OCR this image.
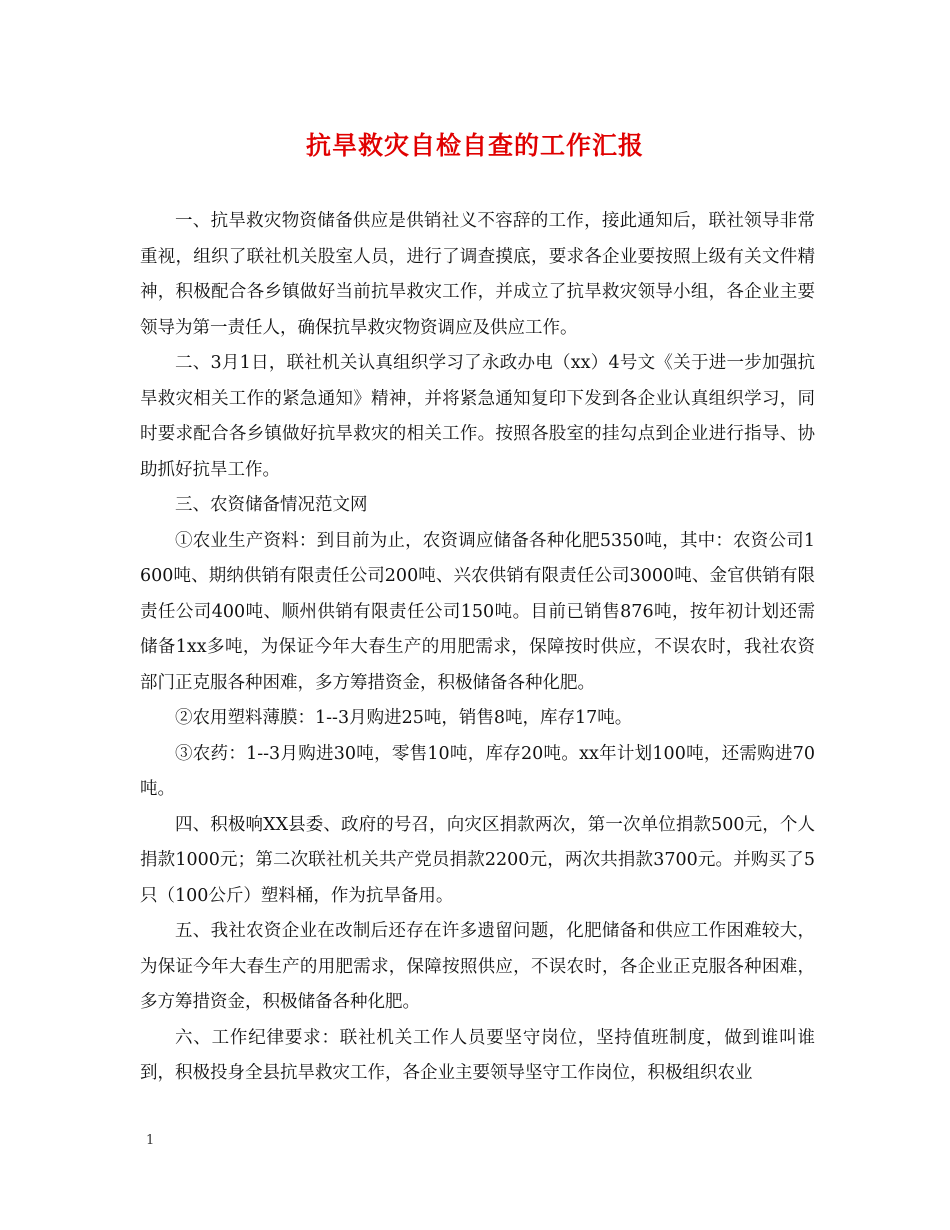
抗旱救灾自检自查的工作汇报

一、抗旱救灾物资储备供应是供销社义不容辞的工作，接此通知后，联社领导非常重视，组织了联社机关股室人员，进行了调查摸底，要求各企业要按照上级有关文件精神，积极配合各乡镇做好当前抗旱救灾工作，并成立了抗旱救灾领导小组，各企业主要领导为第一责任人，确保抗旱救灾物资调应及供应工作。

二、3月1日，联社机关认真组织学习了永政办电（xx）4号文《关于进一步加强抗旱救灾相关工作的紧急通知》精神，并将紧急通知复印下发到各企业认真组织学习，同时要求配合各乡镇做好抗旱救灾的相关工作。按照各股室的挂勾点到企业进行指导、协助抓好抗旱工作。

三、农资储备情况范文网

①农业生产资料：到目前为止，农资调应储备各种化肥5350吨，其中：农资公司1600吨、期纳供销有限责任公司200吨、兴农供销有限责任公司3000吨、金官供销有限责任公司400吨、顺州供销有限责任公司150吨。目前已销售876吨，按年初计划还需储备1xx多吨，为保证今年大春生产的用肥需求，保障按时供应，不误农时，我社农资部门正克服各种困难，多方筹措资金，积极储备各种化肥。

②农用塑料薄膜：1--3月购进25吨，销售8吨，库存17吨。

③农药：1--3月购进30吨，零售10吨，库存20吨。xx年计划100吨，还需购进70吨。

四、积极响XX县委、政府的号召，向灾区捐款两次，第一次单位捐款500元，个人捐款1000元；第二次联社机关共产党员捐款2200元，两次共捐款3700元。并购买了5只（100公斤）塑料桶，作为抗旱备用。

五、我社农资企业在改制后还存在许多遗留问题，化肥储备和供应工作困难较大，为保证今年大春生产的用肥需求，保障按照供应，不误农时，各企业正克服各种困难，多方筹措资金，积极储备各种化肥。

六、工作纪律要求：联社机关工作人员要坚守岗位，坚持值班制度，做到谁叫谁到，积极投身全县抗旱救灾工作，各企业主要领导坚守工作岗位，积极组织农业

1
